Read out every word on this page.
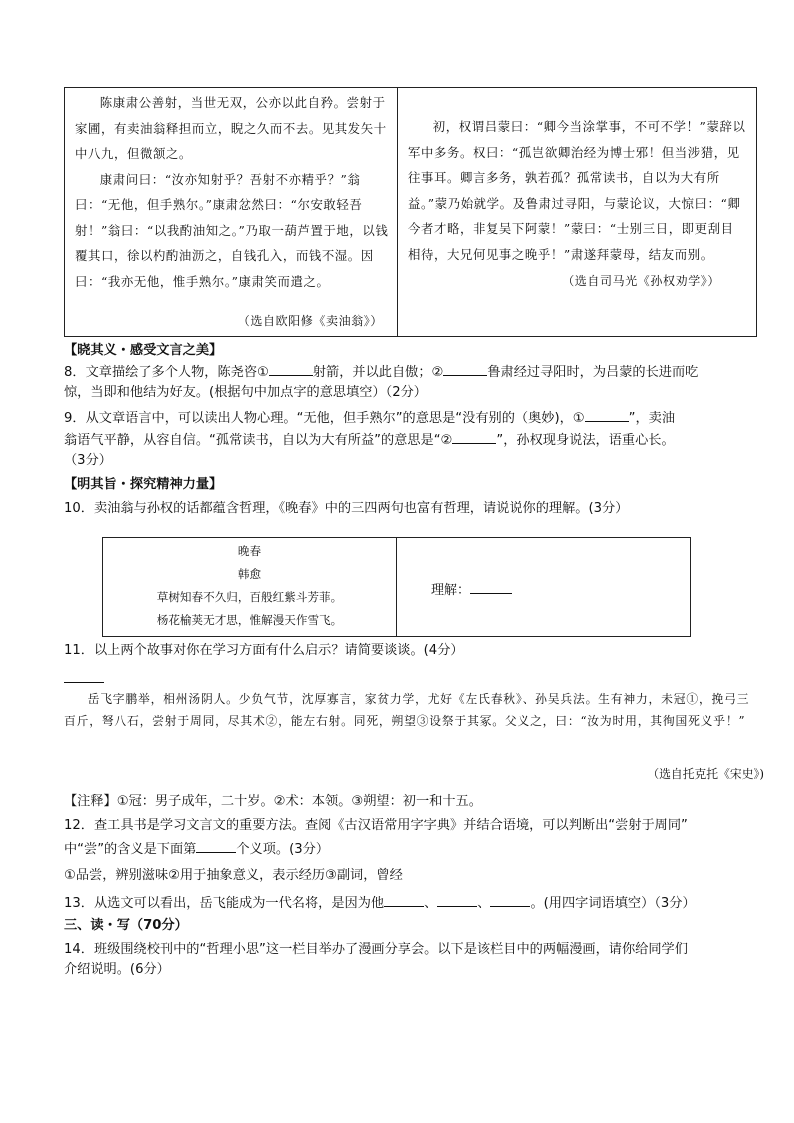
陈康肃公善射，当世无双，公亦以此自矜。尝射于家圃，有卖油翁释担而立，睨之久而不去。见其发矢十中八九，但微颔之。

康肃问曰：“汝亦知射乎？吾射不亦精乎？”翁曰：“无他，但手熟尔。”康肃忿然曰：“尔安敢轻吾射！”翁曰：“以我酌油知之。”乃取一葫芦置于地，以钱覆其口，徐以杓酌油沥之，自钱孔入，而钱不湿。因曰：“我亦无他，惟手熟尔。”康肃笑而遣之。

（选自欧阳修《卖油翁》）

初，权谓吕蒙曰：“卿今当涂掌事，不可不学！”蒙辞以军中多务。权曰：“孤岂欲卿治经为博士邪！但当涉猎，见往事耳。卿言多务，孰若孤？孤常读书，自以为大有所益。”蒙乃始就学。及鲁肃过寻阳，与蒙论议，大惊曰：“卿今者才略，非复吴下阿蒙！”蒙曰：“士别三日，即更刮目相待，大兄何见事之晚乎！”肃遂拜蒙母，结友而别。

（选自司马光《孙权劝学》）
【晓其义・感受文言之美】
8．文章描绘了多个人物，陈尧咨①	射箭，并以此自傲；②	鲁肃经过寻阳时，为吕蒙的长进而吃
惊，当即和他结为好友。(根据句中加点字的意思填空）（2分）
9．从文章语言中，可以读出人物心理。“无他，但手熟尔”的意思是“没有别的（奥妙)，①	”，卖油
翁语气平静，从容自信。“孤常读书，自以为大有所益”的意思是“②	”，孙权现身说法，语重心长。
（3分）
【明其旨・探究精神力量】
10．卖油翁与孙权的话都蕴含哲理，《晚春》中的三四两句也富有哲理，请说说你的理解。(3分）
晚春
韩愈
草树知春不久归，百般红紫斗芳菲。
杨花榆荚无才思，惟解漫天作雪飞。
理解：
11．以上两个故事对你在学习方面有什么启示？请简要谈谈。(4分）

岳飞字鹏举，相州汤阴人。少负气节，沈厚寡言，家贫力学，尤好《左氏春秋》、孙吴兵法。生有神力，未冠①，挽弓三百斤，弩八石，尝射于周同，尽其术②，能左右射。同死，朔望③设祭于其冢。父义之，曰：“汝为时用，其徇国死义乎！”

（选自托克托《宋史》)
【注释】①冠：男子成年，二十岁。②术：本领。③朔望：初一和十五。
12．查工具书是学习文言文的重要方法。查阅《古汉语常用字字典》并结合语境，可以判断出“尝射于周同”
中“尝”的含义是下面第	个义项。(3分）
①品尝，辨别滋味②用于抽象意义，表示经历③副词，曾经
13．从选文可以看出，岳飞能成为一代名将，是因为他	、	、	。(用四字词语填空）（3分）
三、读・写（70分）
14．班级围绕校刊中的“哲理小思”这一栏目举办了漫画分享会。以下是该栏目中的两幅漫画，请你给同学们
介绍说明。(6分）
